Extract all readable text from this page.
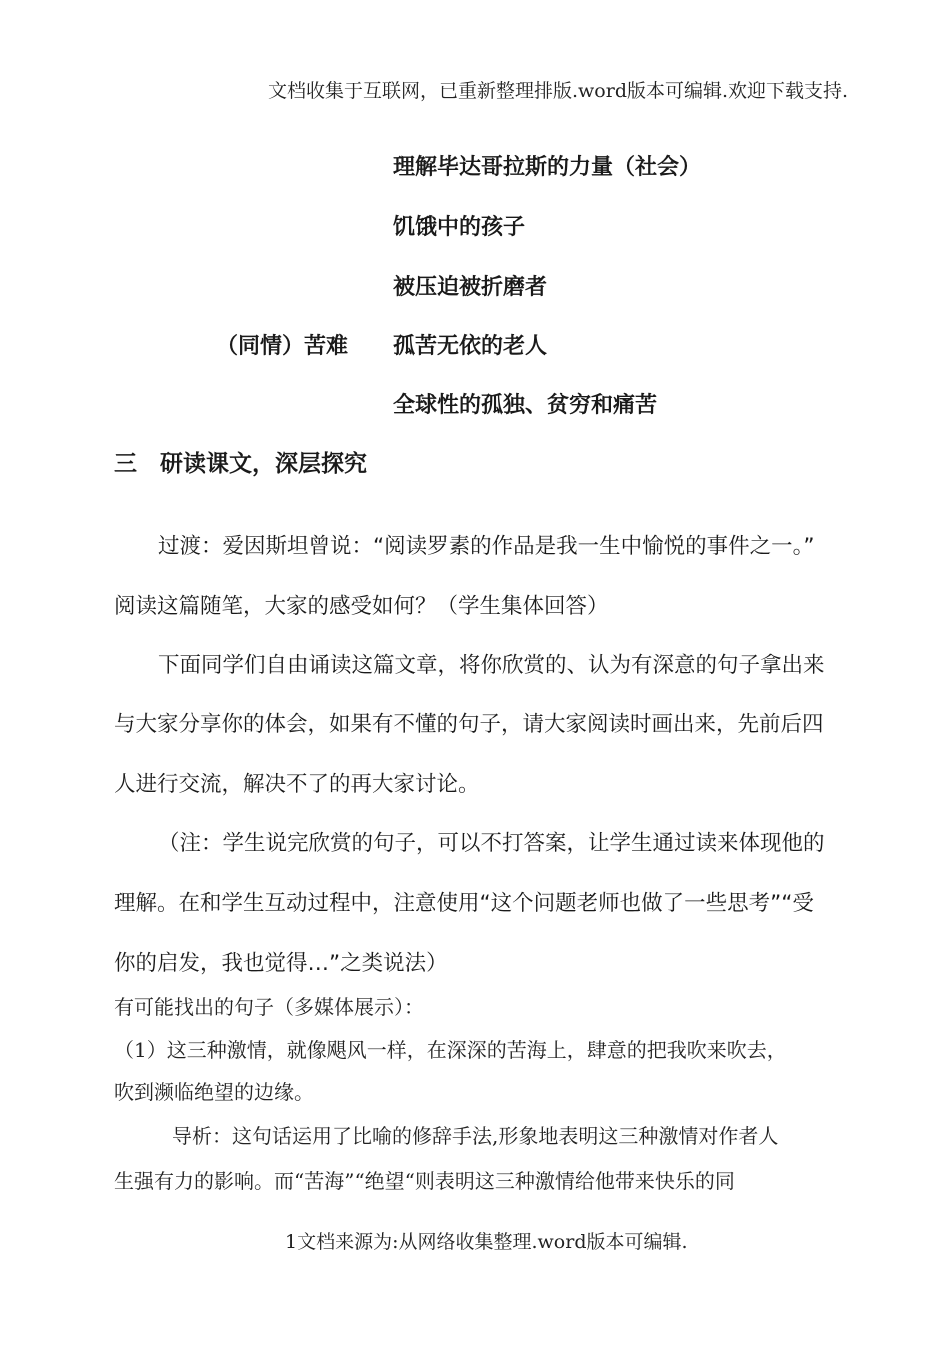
文档收集于互联网，已重新整理排版.word版本可编辑.欢迎下载支持.
理解毕达哥拉斯的力量（社会）
饥饿中的孩子
被压迫被折磨者
（同情）苦难 孤苦无依的老人
全球性的孤独、贫穷和痛苦
三　研读课文，深层探究
过渡：爱因斯坦曾说：“阅读罗素的作品是我一生中愉悦的事件之一。”
阅读这篇随笔，大家的感受如何？（学生集体回答）
下面同学们自由诵读这篇文章，将你欣赏的、认为有深意的句子拿出来
与大家分享你的体会，如果有不懂的句子，请大家阅读时画出来，先前后四
人进行交流，解决不了的再大家讨论。
（注：学生说完欣赏的句子，可以不打答案，让学生通过读来体现他的
理解。在和学生互动过程中，注意使用“这个问题老师也做了一些思考”“受
你的启发，我也觉得…”之类说法）
有可能找出的句子（多媒体展示）：
（1）这三种激情，就像飓风一样，在深深的苦海上，肆意的把我吹来吹去，
吹到濒临绝望的边缘。
导析：这句话运用了比喻的修辞手法,形象地表明这三种激情对作者人
生强有力的影响。而“苦海”“绝望“则表明这三种激情给他带来快乐的同
1文档来源为:从网络收集整理.word版本可编辑.
